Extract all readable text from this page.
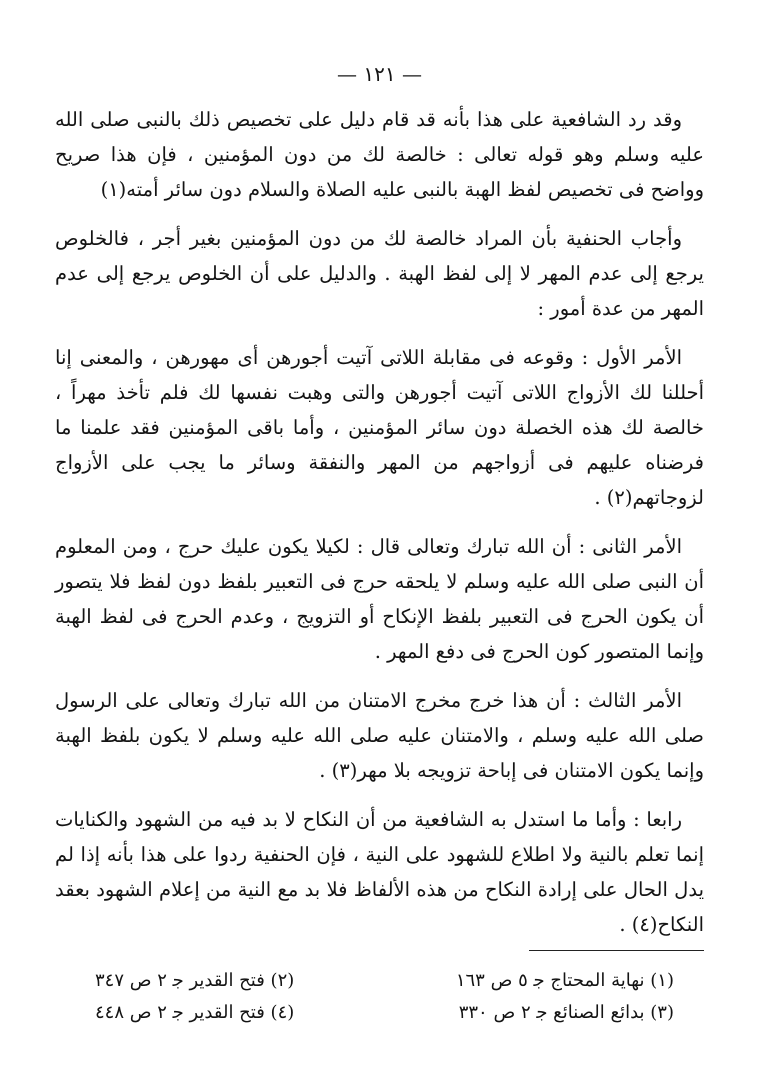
— ١٢١ —

وقد رد الشافعية على هذا بأنه قد قام دليل على تخصيص ذلك بالنبى صلى الله عليه وسلم وهو قوله تعالى : خالصة لك من دون المؤمنين ، فإن هذا صريح وواضح فى تخصيص لفظ الهبة بالنبى عليه الصلاة والسلام دون سائر أمته(١)

وأجاب الحنفية بأن المراد خالصة لك من دون المؤمنين بغير أجر ، فالخلوص يرجع إلى عدم المهر لا إلى لفظ الهبة . والدليل على أن الخلوص يرجع إلى عدم المهر من عدة أمور :

الأمر الأول : وقوعه فى مقابلة اللاتى آتيت أجورهن أى مهورهن ، والمعنى إنا أحللنا لك الأزواج اللاتى آتيت أجورهن والتى وهبت نفسها لك فلم تأخذ مهراً ، خالصة لك هذه الخصلة دون سائر المؤمنين ، وأما باقى المؤمنين فقد علمنا ما فرضناه عليهم فى أزواجهم من المهر والنفقة وسائر ما يجب على الأزواج لزوجاتهم(٢) .

الأمر الثانى : أن الله تبارك وتعالى قال : لكيلا يكون عليك حرج ، ومن المعلوم أن النبى صلى الله عليه وسلم لا يلحقه حرج فى التعبير بلفظ دون لفظ فلا يتصور أن يكون الحرج فى التعبير بلفظ الإنكاح أو التزويج ، وعدم الحرج فى لفظ الهبة وإنما المتصور كون الحرج فى دفع المهر .

الأمر الثالث : أن هذا خرج مخرج الامتنان من الله تبارك وتعالى على الرسول صلى الله عليه وسلم ، والامتنان عليه صلى الله عليه وسلم لا يكون بلفظ الهبة وإنما يكون الامتنان فى إباحة تزويجه بلا مهر(٣) .

رابعا : وأما ما استدل به الشافعية من أن النكاح لا بد فيه من الشهود والكنايات إنما تعلم بالنية ولا اطلاع للشهود على النية ، فإن الحنفية ردوا على هذا بأنه إذا لم يدل الحال على إرادة النكاح من هذه الألفاظ فلا بد مع النية من إعلام الشهود بعقد النكاح(٤) .

(١) نهاية المحتاج ﺟ ٥ ص ١٦٣
(٢) فتح القدير ﺟ ٢ ص ٣٤٧
(٣) بدائع الصنائع ﺟ ٢ ص ٣٣٠
(٤) فتح القدير ﺟ ٢ ص ٤٤٨
